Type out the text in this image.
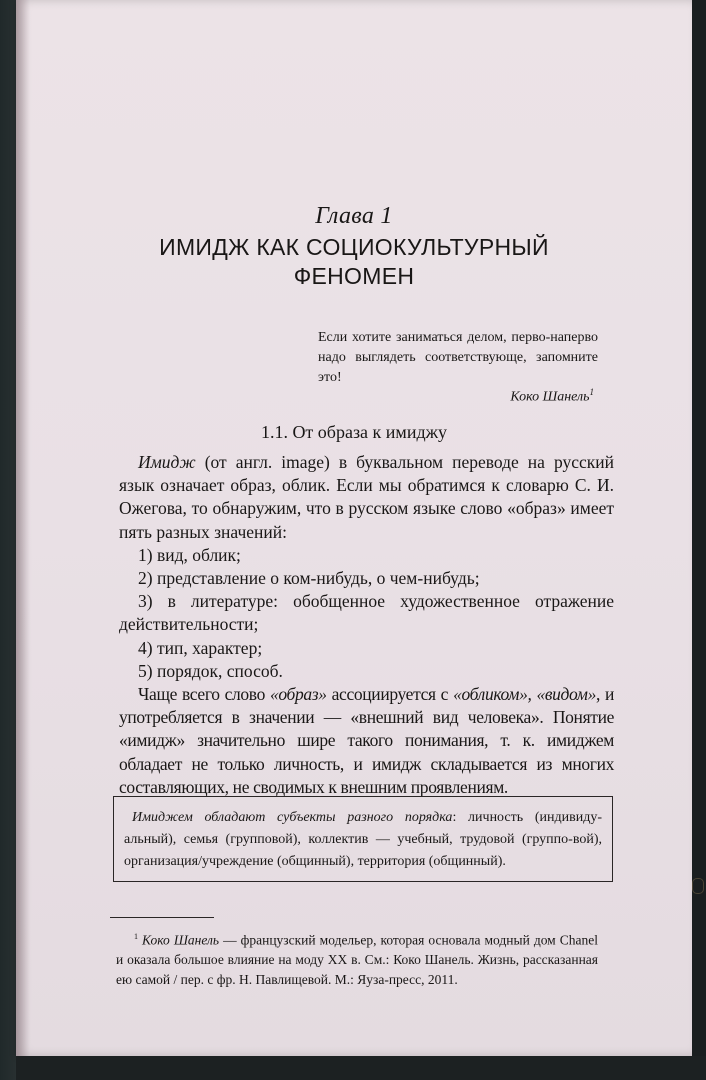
Глава 1
ИМИДЖ КАК СОЦИОКУЛЬТУРНЫЙ
ФЕНОМЕН
Если хотите заниматься делом, перво-наперво надо выглядеть соответствующе, запомните это!
Коко Шанель$^1$
1.1. От образа к имиджу

Имидж (от англ. image) в буквальном переводе на русский язык означает образ, облик. Если мы обратимся к словарю С. И. Ожегова, то обнаружим, что в русском языке слово «образ» имеет пять разных значений:

1) вид, облик;

2) представление о ком-нибудь, о чем-нибудь;

3) в литературе: обобщенное художественное отражение действительности;

4) тип, характер;

5) порядок, способ.

Чаще всего слово «образ» ассоциируется с «обликом», «видом», и употребляется в значении — «внешний вид человека». Понятие «имидж» значительно шире такого понимания, т. к. имиджем обладает не только личность, и имидж складывается из многих составляющих, не сводимых к внешним проявлениям.

Имиджем обладают субъекты разного порядка: личность (индивиду-альный), семья (групповой), коллектив — учебный, трудовой (группо-вой), организация/учреждение (общинный), территория (общинный).
$^1$ Коко Шанель — французский модельер, которая основала модный дом Chanel и оказала большое влияние на моду XX в. См.: Коко Шанель. Жизнь, рассказанная ею самой / пер. с фр. Н. Павлищевой. М.: Яуза-пресс, 2011.
